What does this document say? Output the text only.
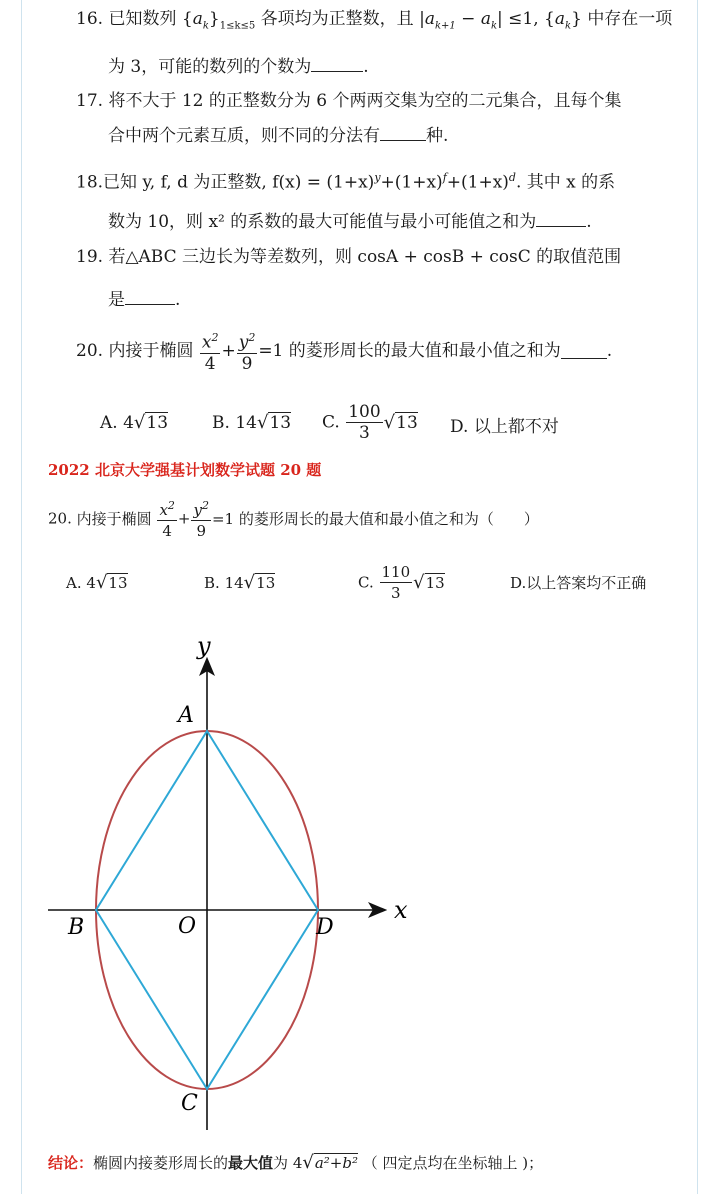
16. 已知数列 $\{a_k\}_{1\le k\le 5}$ 各项均为正整数，且 $|a_{k+1} - a_k| \le 1$, $\{a_k\}$ 中存在一项
为 3，可能的数列的个数为	.
17. 将不大于 12 的正整数分为 6 个两两交集为空的二元集合，且每个集
合中两个元素互质，则不同的分法有	种.
18.已知 y, f, d 为正整数, $f(x) = (1+x)^y+(1+x)^f+(1+x)^d$. 其中 x 的系
数为 10，则 x² 的系数的最大可能值与最小可能值之和为	.
19. 若△ABC 三边长为等差数列，则 cosA + cosB + cosC 的取值范围
是	.
20. 内接于椭圆 $\frac{x^2}{4} + \frac{y^2}{9} =1$ 的菱形周长的最大值和最小值之和为	.
A. 4√13	B. 14√13 C. $\frac{100}{3} √13$ D. 以上都不对
2022 北京大学强基计划数学试题 20 题
20. 内接于椭圆 $\frac{x^2}{4} + \frac{y^2}{9} =1$ 的菱形周长的最大值和最小值之和为（　　）
A. 4√13	B. 14√13	C. $\frac{110}{3} √13$	D.以上答案均不正确
y
x
A
B	O	D
C
结论：椭圆内接菱形周长的最大值为 4√a²+b² （ 四定点均在坐标轴上 )；
